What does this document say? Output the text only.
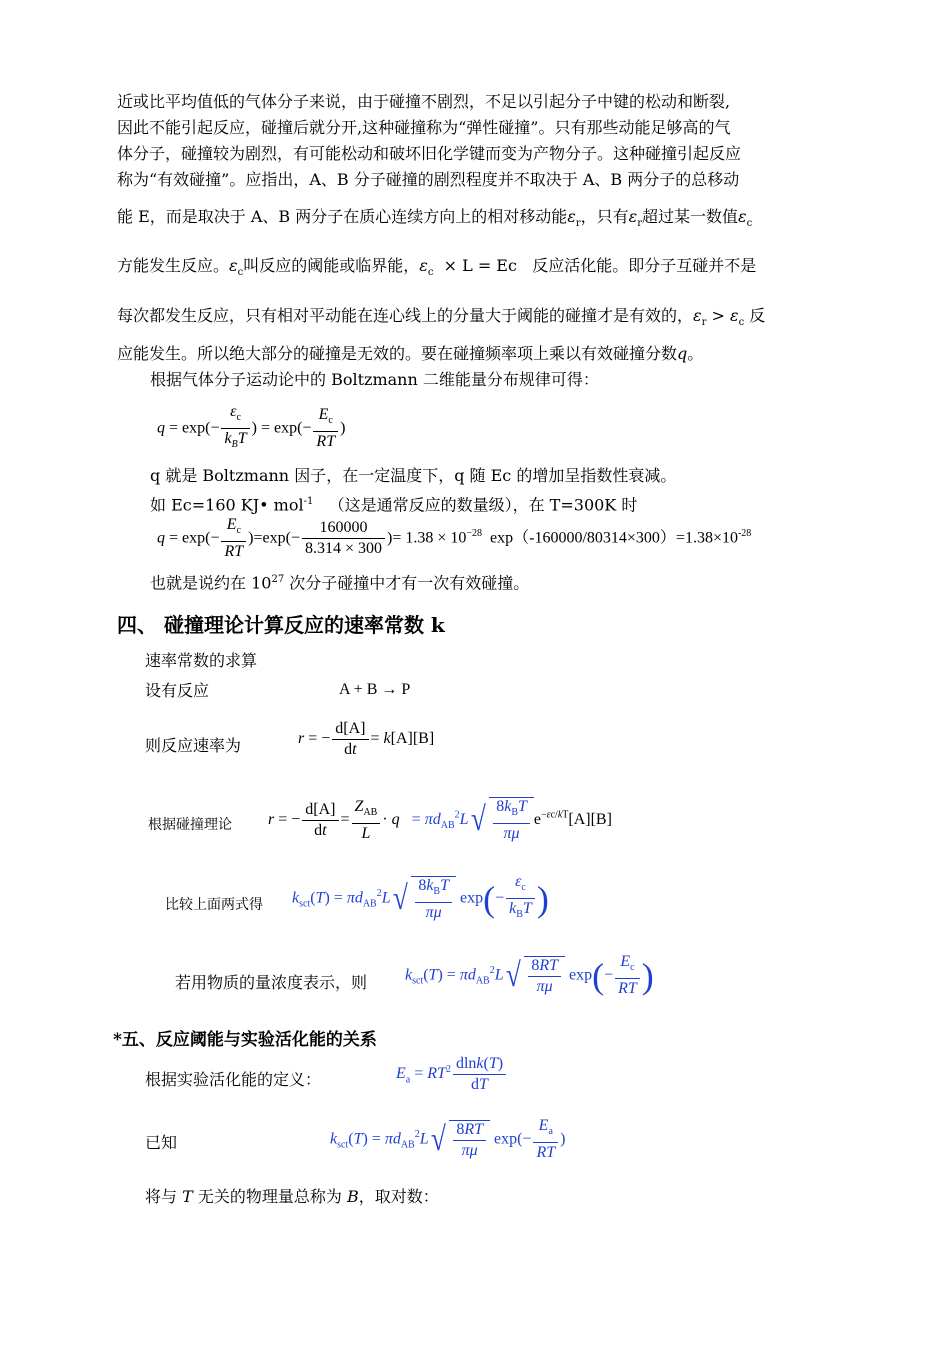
近或比平均值低的气体分子来说，由于碰撞不剧烈，不足以引起分子中键的松动和断裂,
因此不能引起反应，碰撞后就分开,这种碰撞称为“弹性碰撞”。只有那些动能足够高的气
体分子，碰撞较为剧烈，有可能松动和破坏旧化学键而变为产物分子。这种碰撞引起反应
称为“有效碰撞”。应指出，A、B 分子碰撞的剧烈程度并不取决于 A、B 两分子的总移动
能 E，而是取决于 A、B 两分子在质心连续方向上的相对移动能$\varepsilon_r$，只有$\varepsilon_r$超过某一数值$\varepsilon_c$
方能发生反应。$\varepsilon_c$叫反应的阈能或临界能，$\varepsilon_c \times L = Ec$ 反应活化能。即分子互碰并不是
每次都发生反应，只有相对平动能在连心线上的分量大于阈能的碰撞才是有效的，$\varepsilon_r > \varepsilon_c$ 反
应能发生。所以绝大部分的碰撞是无效的。要在碰撞频率项上乘以有效碰撞分数q。
根据气体分子运动论中的 Boltzmann 二维能量分布规律可得：
$q = \exp(- \frac{\varepsilon_c}{k_BT}$ ) = $\exp(- \frac{E_c}{RT}$ )
q 就是 Boltzmann 因子，在一定温度下，q 随 Ec 的增加呈指数性衰减。
如 Ec=160 KJ• mol$^{-1}$ （这是通常反应的数量级），在 T=300K 时
$q = \exp(- \frac{E_c}{RT} )=\exp(- \frac{160000}{8.314 \times 300}$ )= $1.38 \times 10^{-28}$ $\exp(-160000/80314\times 300)=1.38\times 10^{-28}$
也就是说约在 $10^{27}$ 次分子碰撞中才有一次有效碰撞。
四、 碰撞理论计算反应的速率常数 k
速率常数的求算
设有反应	A + B → P
则反应速率为	r = − $\frac{d[A]}{dt} = k[A][B]$
根据碰撞理论 r = − $\frac{d[A]}{dt} = \frac{Z_{AB}}{L} \cdot q = \pi d_{AB}^2L√ \frac{8k_BT}{\pi\mu} e^{-\varepsilon c/kT}[A][B]$
比较上面两式得 $k_{sct}(T) = \pi d_{AB}^2L√ \frac{8k_BT}{\pi\mu} \exp(- \frac{\varepsilon_c}{k_BT}$ )
若用物质的量浓度表示，则 $k_{sct}(T) = \pi d_{AB}^2L√ \frac{8RT}{\pi\mu} \exp(- \frac{E_c}{RT}$ )
*五、反应阈能与实验活化能的关系
根据实验活化能的定义：	$E_a = RT^2 \frac{dlnk(T)}{dT}$
已知	$k_{sct}(T) = \pi d_{AB}^2L√ \frac{8RT}{\pi\mu} \exp(- \frac{E_a}{RT}$ )
将与 T 无关的物理量总称为 B，取对数：
